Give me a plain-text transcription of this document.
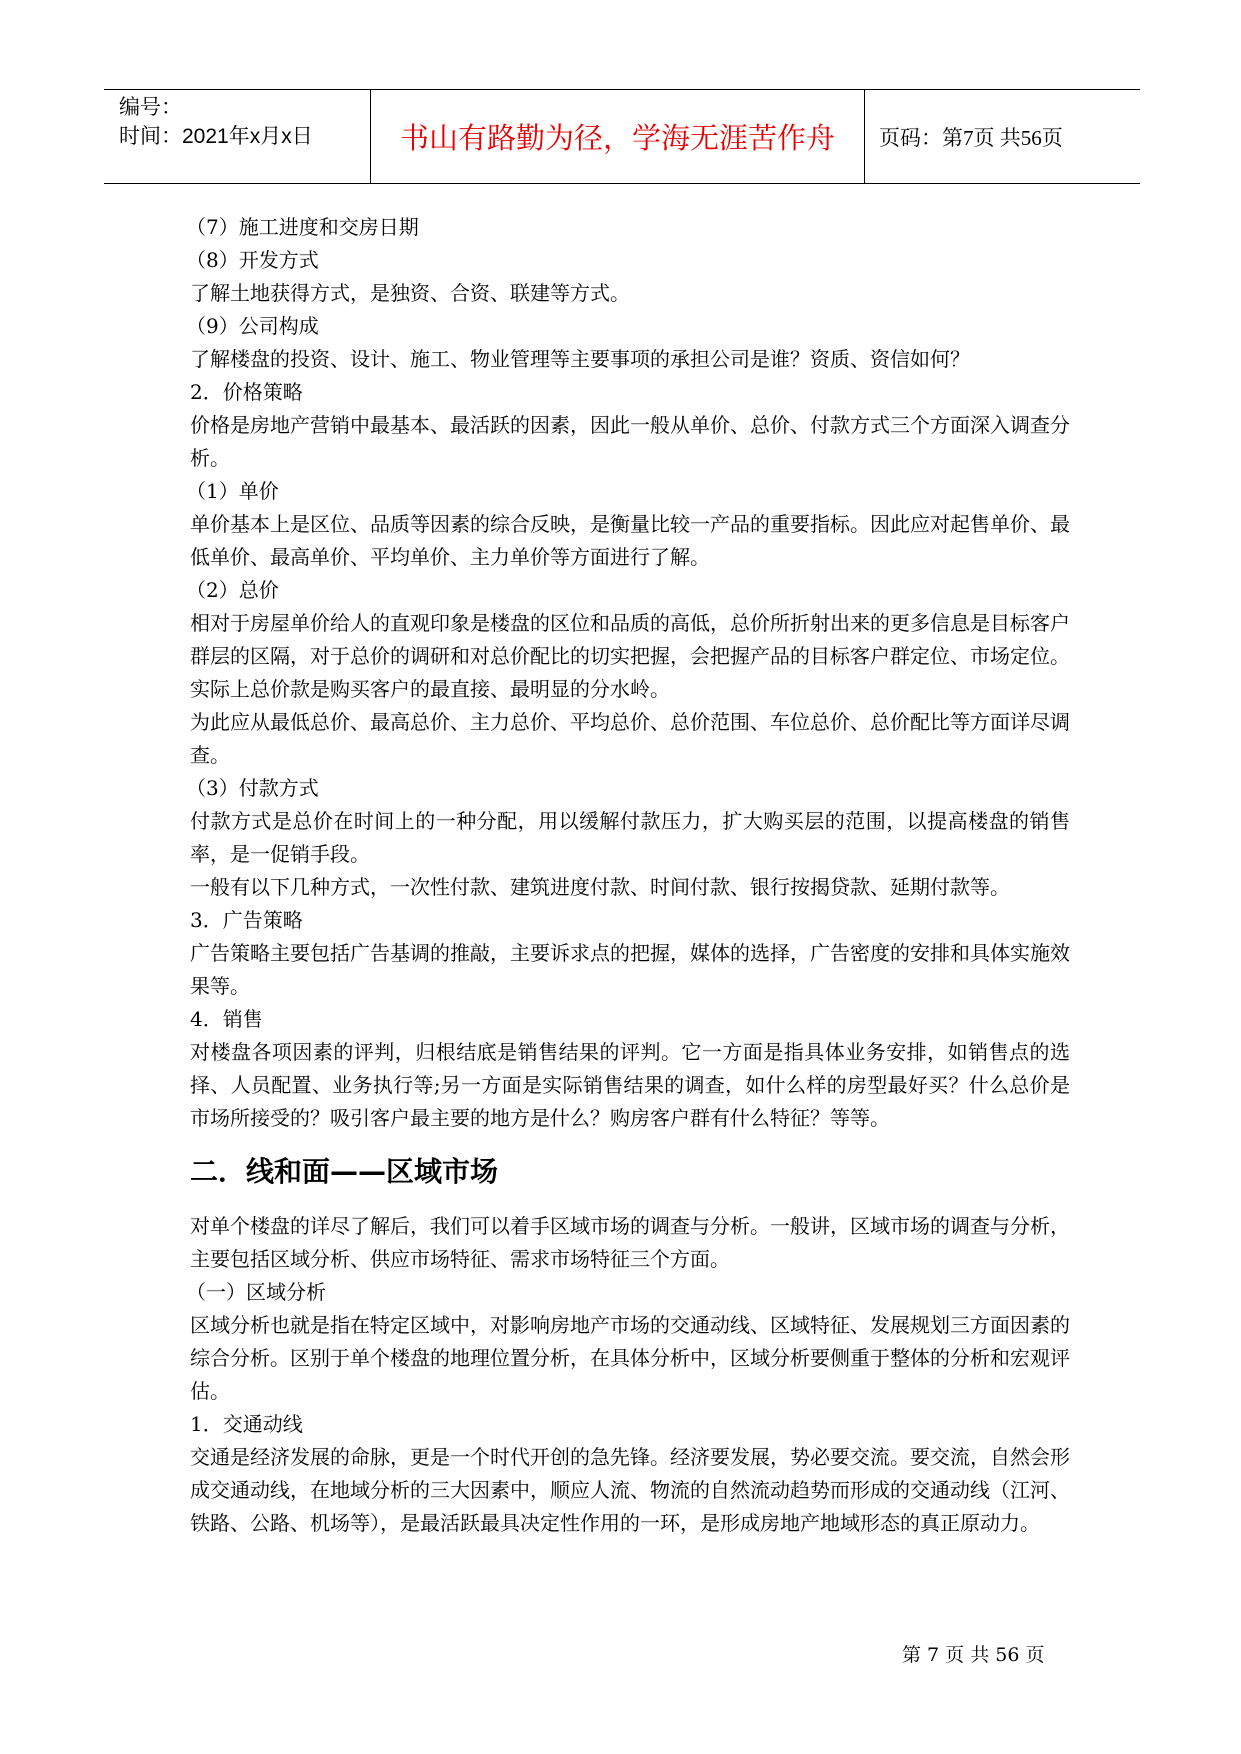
编号：
时间：2021年x月x日	书山有路勤为径，学海无涯苦作舟	页码：第7页 共56页

（7）施工进度和交房日期

（8）开发方式

了解土地获得方式，是独资、合资、联建等方式。

（9）公司构成

了解楼盘的投资、设计、施工、物业管理等主要事项的承担公司是谁？资质、资信如何？

2．价格策略

价格是房地产营销中最基本、最活跃的因素，因此一般从单价、总价、付款方式三个方面深入调查分析。

（1）单价

单价基本上是区位、品质等因素的综合反映，是衡量比较一产品的重要指标。因此应对起售单价、最低单价、最高单价、平均单价、主力单价等方面进行了解。

（2）总价

相对于房屋单价给人的直观印象是楼盘的区位和品质的高低，总价所折射出来的更多信息是目标客户群层的区隔，对于总价的调研和对总价配比的切实把握，会把握产品的目标客户群定位、市场定位。实际上总价款是购买客户的最直接、最明显的分水岭。

为此应从最低总价、最高总价、主力总价、平均总价、总价范围、车位总价、总价配比等方面详尽调查。

（3）付款方式

付款方式是总价在时间上的一种分配，用以缓解付款压力，扩大购买层的范围，以提高楼盘的销售率，是一促销手段。

一般有以下几种方式，一次性付款、建筑进度付款、时间付款、银行按揭贷款、延期付款等。

3．广告策略

广告策略主要包括广告基调的推敲，主要诉求点的把握，媒体的选择，广告密度的安排和具体实施效果等。

4．销售

对楼盘各项因素的评判，归根结底是销售结果的评判。它一方面是指具体业务安排，如销售点的选择、人员配置、业务执行等;另一方面是实际销售结果的调查，如什么样的房型最好买？什么总价是市场所接受的？吸引客户最主要的地方是什么？购房客户群有什么特征？等等。

二．线和面——区域市场

对单个楼盘的详尽了解后，我们可以着手区域市场的调查与分析。一般讲，区域市场的调查与分析，主要包括区域分析、供应市场特征、需求市场特征三个方面。

（一）区域分析

区域分析也就是指在特定区域中，对影响房地产市场的交通动线、区域特征、发展规划三方面因素的综合分析。区别于单个楼盘的地理位置分析，在具体分析中，区域分析要侧重于整体的分析和宏观评估。

1．交通动线

交通是经济发展的命脉，更是一个时代开创的急先锋。经济要发展，势必要交流。要交流，自然会形成交通动线，在地域分析的三大因素中，顺应人流、物流的自然流动趋势而形成的交通动线（江河、铁路、公路、机场等），是最活跃最具决定性作用的一环，是形成房地产地域形态的真正原动力。

第 7 页 共 56 页
